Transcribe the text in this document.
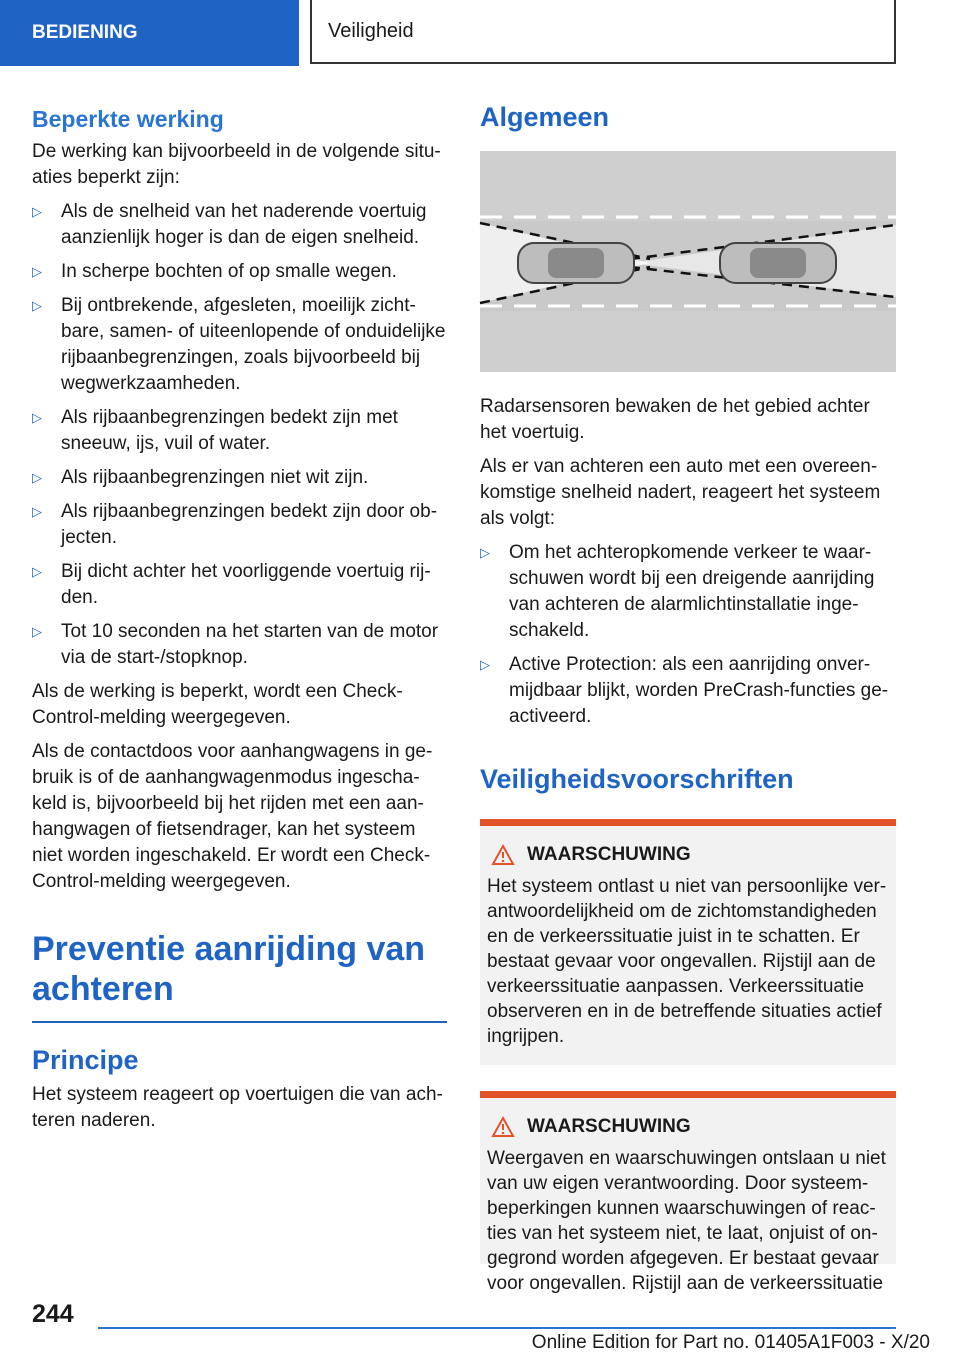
BEDIENING	Veiligheid
Beperkte werking

De werking kan bijvoorbeeld in de volgende situaties beperkt zijn:

▷ Als de snelheid van het naderende voertuig aanzienlijk hoger is dan de eigen snelheid.
▷ In scherpe bochten of op smalle wegen.
▷ Bij ontbrekende, afgesleten, moeilijk zichtbare, samen- of uiteenlopende of onduidelijke rijbaanbegrenzingen, zoals bijvoorbeeld bij wegwerkzaamheden.
▷ Als rijbaanbegrenzingen bedekt zijn met sneeuw, ijs, vuil of water.
▷ Als rijbaanbegrenzingen niet wit zijn.
▷ Als rijbaanbegrenzingen bedekt zijn door objecten.
▷ Bij dicht achter het voorliggende voertuig rijden.
▷ Tot 10 seconden na het starten van de motor via de start-/stopknop.

Als de werking is beperkt, wordt een Check-Control-melding weergegeven.

Als de contactdoos voor aanhangwagens in gebruik is of de aanhangwagenmodus ingeschakeld is, bijvoorbeeld bij het rijden met een aanhangwagen of fietsendrager, kan het systeem niet worden ingeschakeld. Er wordt een Check-Control-melding weergegeven.

Preventie aanrijding van achteren
Principe

Het systeem reageert op voertuigen die van achteren naderen.

Algemeen

Radarsensoren bewaken de het gebied achter het voertuig.

Als er van achteren een auto met een overeenkomstige snelheid nadert, reageert het systeem als volgt:

▷ Om het achteropkomende verkeer te waarschuwen wordt bij een dreigende aanrijding van achteren de alarmlichtinstallatie ingeschakeld.
▷ Active Protection: als een aanrijding onvermijdbaar blijkt, worden PreCrash-functies geactiveerd.
Veiligheidsvoorschriften
WAARSCHUWING
Het systeem ontlast u niet van persoonlijke verantwoordelijkheid om de zichtomstandigheden en de verkeerssituatie juist in te schatten. Er bestaat gevaar voor ongevallen. Rijstijl aan de verkeerssituatie aanpassen. Verkeerssituatie observeren en in de betreffende situaties actief ingrijpen.
WAARSCHUWING
Weergaven en waarschuwingen ontslaan u niet van uw eigen verantwoording. Door systeembeperkingen kunnen waarschuwingen of reacties van het systeem niet, te laat, onjuist of ongegrond worden afgegeven. Er bestaat gevaar voor ongevallen. Rijstijl aan de verkeerssituatie
244
Online Edition for Part no. 01405A1F003 - X/20
